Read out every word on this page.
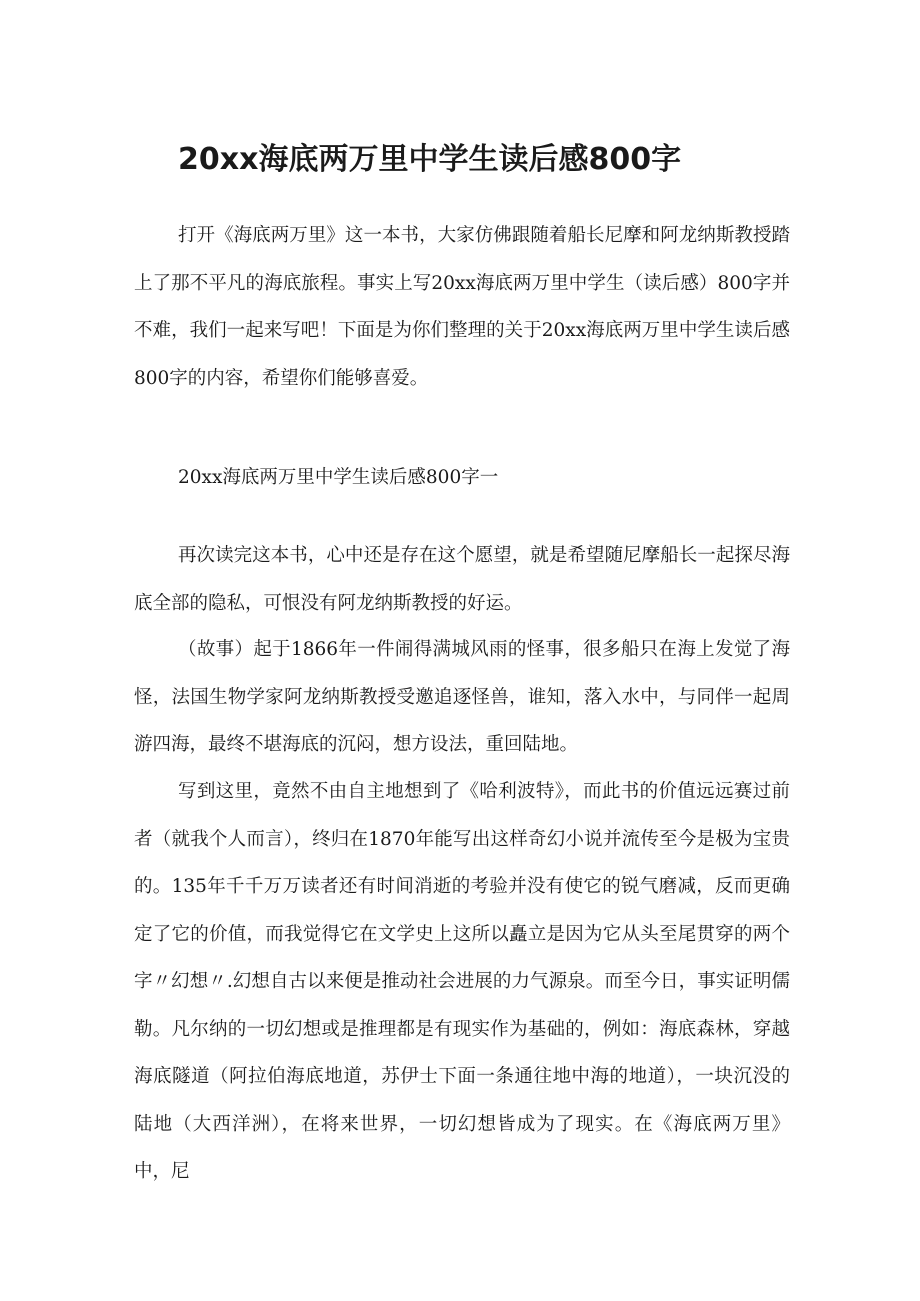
20xx海底两万里中学生读后感800字

打开《海底两万里》这一本书，大家仿佛跟随着船长尼摩和阿龙纳斯教授踏上了那不平凡的海底旅程。事实上写20xx海底两万里中学生（读后感）800字并不难，我们一起来写吧！下面是为你们整理的关于20xx海底两万里中学生读后感800字的内容，希望你们能够喜爱。

20xx海底两万里中学生读后感800字一

再次读完这本书，心中还是存在这个愿望，就是希望随尼摩船长一起探尽海底全部的隐私，可恨没有阿龙纳斯教授的好运。

（故事）起于1866年一件闹得满城风雨的怪事，很多船只在海上发觉了海怪，法国生物学家阿龙纳斯教授受邀追逐怪兽，谁知，落入水中，与同伴一起周游四海，最终不堪海底的沉闷，想方设法，重回陆地。

写到这里，竟然不由自主地想到了《哈利波特》，而此书的价值远远赛过前者（就我个人而言），终归在1870年能写出这样奇幻小说并流传至今是极为宝贵的。135年千千万万读者还有时间消逝的考验并没有使它的锐气磨减，反而更确定了它的价值，而我觉得它在文学史上这所以矗立是因为它从头至尾贯穿的两个字〃幻想〃.幻想自古以来便是推动社会进展的力气源泉。而至今日，事实证明儒勒。凡尔纳的一切幻想或是推理都是有现实作为基础的，例如：海底森林，穿越海底隧道（阿拉伯海底地道，苏伊士下面一条通往地中海的地道），一块沉没的陆地（大西洋洲），在将来世界，一切幻想皆成为了现实。在《海底两万里》中，尼
